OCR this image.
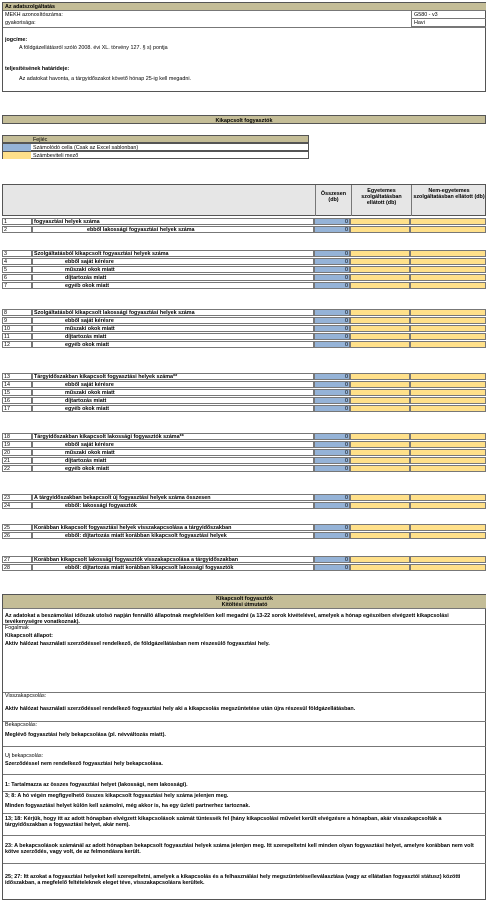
Az adatszolgáltatás
MEKH azonosítószáma:	G580 - v3
gyakorisága:	Havi
jogcíme:
A földgázellátásról szóló 2008. évi XL. törvény 127. § s) pontja
teljesítésének határideje:
Az adatokat havonta, a tárgyidőszakot követő hónap 25-ig kell megadni.
Kikapcsolt fogyasztók
Fejléc
Számolódó cella (Csak az Excel sablonban)
Számbeviteli mező
Összesen (db)
Egyetemes szolgáltatásban ellátott (db)
Nem-egyetemes szolgáltatásban ellátott (db)
1	fogyasztási helyek száma	0
2	ebből lakossági fogyasztási helyek száma	0
3	Szolgáltatásból kikapcsolt fogyasztási helyek száma	0
4	ebből saját kérésre	0
5	műszaki okok miatt	0
6	díjtartozás miatt	0
7	egyéb okok miatt	0
8	Szolgáltatásból kikapcsolt lakossági fogyasztási helyek száma	0
9	ebből saját kérésre	0
10	műszaki okok miatt	0
11	díjtartozás miatt	0
12	egyéb okok miatt	0
13	Tárgyidőszakban kikapcsolt fogyasztási helyek száma**	0
14	ebből saját kérésre	0
15	műszaki okok miatt	0
16	díjtartozás miatt	0
17	egyéb okok miatt	0
18	Tárgyidőszakban kikapcsolt lakossági fogyasztók száma**	0
19	ebből saját kérésre	0
20	műszaki okok miatt	0
21	díjtartozás miatt	0
22	egyéb okok miatt	0
23	A tárgyidőszakban bekapcsolt új fogyasztási helyek száma összesen	0
24	ebből: lakossági fogyasztók	0
25	Korábban kikapcsolt fogyasztási helyek visszakapcsolása a tárgyidőszakban	0
26	ebből: díjtartozás miatt korábban kikapcsolt fogyasztási helyek	0
27	Korábban kikapcsolt lakossági fogyasztók visszakapcsolása a tárgyidőszakban	0
28	ebből: díjtartozás miatt korábban kikapcsolt lakossági fogyasztók	0
Kikapcsolt fogyasztók
Kitöltési útmutató
Az adatokat a beszámolási időszak utolsó napján fennálló állapotnak megfelelően kell megadni (a 13-22 sorok kivételével, amelyek a hónap egészében elvégzett kikapcsolási tevékenységre vonatkoznak).
Fogalmak
Kikapcsolt állapot:
Aktív hálózat használati szerződéssel rendelkező, de földgázellátásban nem részesülő fogyasztási hely.
Visszakapcsolás:
Aktív hálózat használati szerződéssel rendelkező fogyasztási hely aki a kikapcsolás megszüntetése után újra részesül földgázellátásban.
Bekapcsolás:
Meglévő fogyasztási hely bekapcsolása (pl. névváltozás miatt).
Új bekapcsolás:
Szerződéssel nem rendelkező fogyasztási hely bekapcsolása.
1: Tartalmazza az összes fogyasztási helyet (lakossági, nem lakossági).
3; 8: A hó végén megfigyelhető összes kikapcsolt fogyasztási hely száma jelenjen meg.
Minden fogyasztási helyet külön kell számolni, még akkor is, ha egy üzleti partnerhez tartoznak.
13; 18: Kérjük, hogy itt az adott hónapban elvégzett kikapcsolások számát tüntessék fel (hány kikapcsolási művelet került elvégzésre a hónapban, akár visszakapcsolták a tárgyidőszakban a fogyasztási helyet, akár nem).
23: A bekapcsolások számánál az adott hónapban bekapcsolt fogyasztási helyek száma jelenjen meg. Itt szerepeltetni kell minden olyan fogyasztási helyet, amelyre korábban nem volt kötve szerződés, vagy volt, de az felmondásra került.
25; 27: Itt azokat a fogyasztási helyeket kell szerepeltetni, amelyek a kikapcsolás és a felhasználási hely megszüntetése/leválasztása (vagy az ellátatlan fogyasztói státusz) közötti időszakban, a megfelelő feltételeknek eleget téve, visszakapcsolásra kerültek.
